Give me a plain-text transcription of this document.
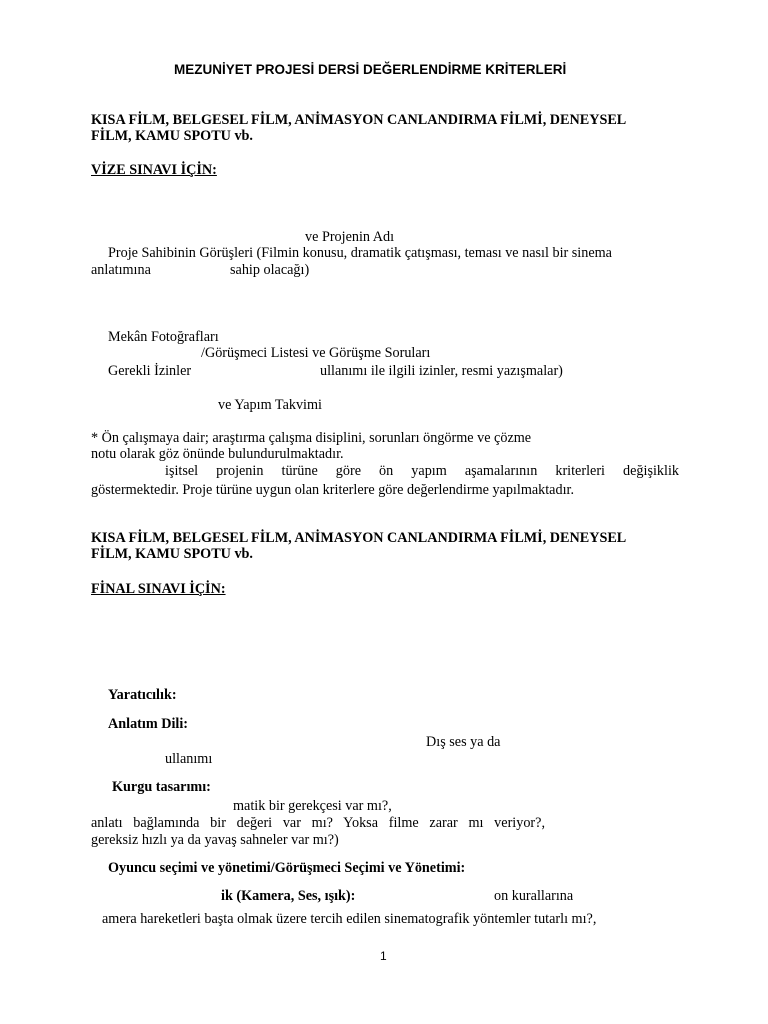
MEZUNİYET PROJESİ DERSİ DEĞERLENDİRME KRİTERLERİ
KISA FİLM, BELGESEL FİLM, ANİMASYON CANLANDIRMA FİLMİ, DENEYSEL
FİLM, KAMU SPOTU vb.
VİZE SINAVI İÇİN:
ve Projenin Adı
Proje Sahibinin Görüşleri (Filmin konusu, dramatik çatışması, teması ve nasıl bir sinema
anlatımına	sahip olacağı)
Mekân Fotoğrafları
/Görüşmeci Listesi ve Görüşme Soruları
Gerekli İzinler	ullanımı ile ilgili izinler, resmi yazışmalar)
ve Yapım Takvimi
* Ön çalışmaya dair; araştırma çalışma disiplini, sorunları öngörme ve çözme
notu olarak göz önünde bulundurulmaktadır.
işitsel projenin türüne göre ön yapım aşamalarının kriterleri değişiklik
göstermektedir. Proje türüne uygun olan kriterlere göre değerlendirme yapılmaktadır.
KISA FİLM, BELGESEL FİLM, ANİMASYON CANLANDIRMA FİLMİ, DENEYSEL
FİLM, KAMU SPOTU vb.
FİNAL SINAVI İÇİN:
Yaratıcılık:
Anlatım Dili:
Dış ses ya da
ullanımı
Kurgu tasarımı:
matik bir gerekçesi var mı?,
anlatı bağlamında bir değeri var mı? Yoksa filme zarar mı veriyor?,
gereksiz hızlı ya da yavaş sahneler var mı?)
Oyuncu seçimi ve yönetimi/Görüşmeci Seçimi ve Yönetimi:
ik (Kamera, Ses, ışık):	on kurallarına
amera hareketleri başta olmak üzere tercih edilen sinematografik yöntemler tutarlı mı?,
1
